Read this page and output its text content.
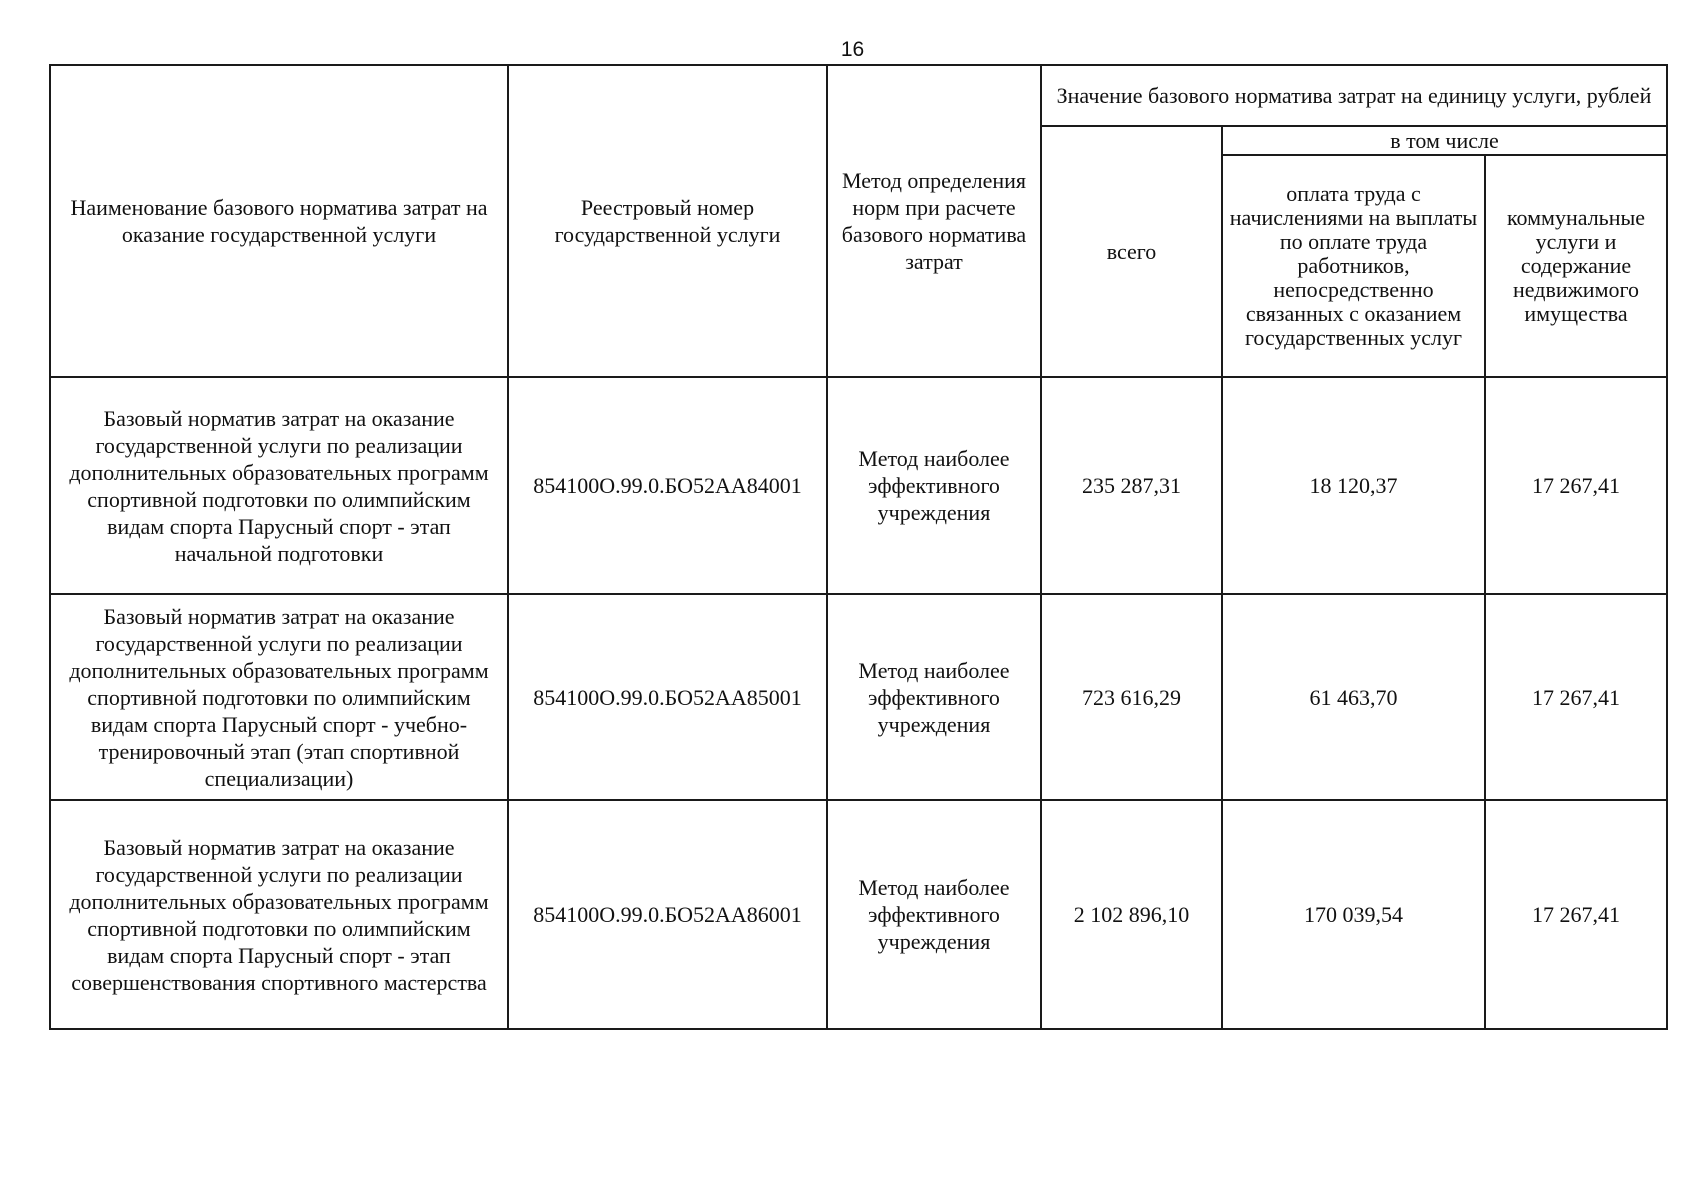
16
Наименование базового норматива затрат на оказание государственной услуги	Реестровый номер государственной услуги	Метод определения норм при расчете базового норматива затрат	Значение базового норматива затрат на единицу услуги, рублей		
			всего	в том числе	
				оплата труда с начислениями на выплаты по оплате труда работников, непосредственно связанных с оказанием государственных услуг	коммунальные услуги и содержание недвижимого имущества
Базовый норматив затрат на оказание государственной услуги по реализации дополнительных образовательных программ спортивной подготовки по олимпийским видам спорта Парусный спорт - этап начальной подготовки	854100О.99.0.БО52АА84001	Метод наиболее эффективного учреждения	235 287,31	18 120,37	17 267,41
Базовый норматив затрат на оказание государственной услуги по реализации дополнительных образовательных программ спортивной подготовки по олимпийским видам спорта Парусный спорт - учебно-тренировочный этап (этап спортивной специализации)	854100О.99.0.БО52АА85001	Метод наиболее эффективного учреждения	723 616,29	61 463,70	17 267,41
Базовый норматив затрат на оказание государственной услуги по реализации дополнительных образовательных программ спортивной подготовки по олимпийским видам спорта Парусный спорт - этап совершенствования спортивного мастерства	854100О.99.0.БО52АА86001	Метод наиболее эффективного учреждения	2 102 896,10	170 039,54	17 267,41
